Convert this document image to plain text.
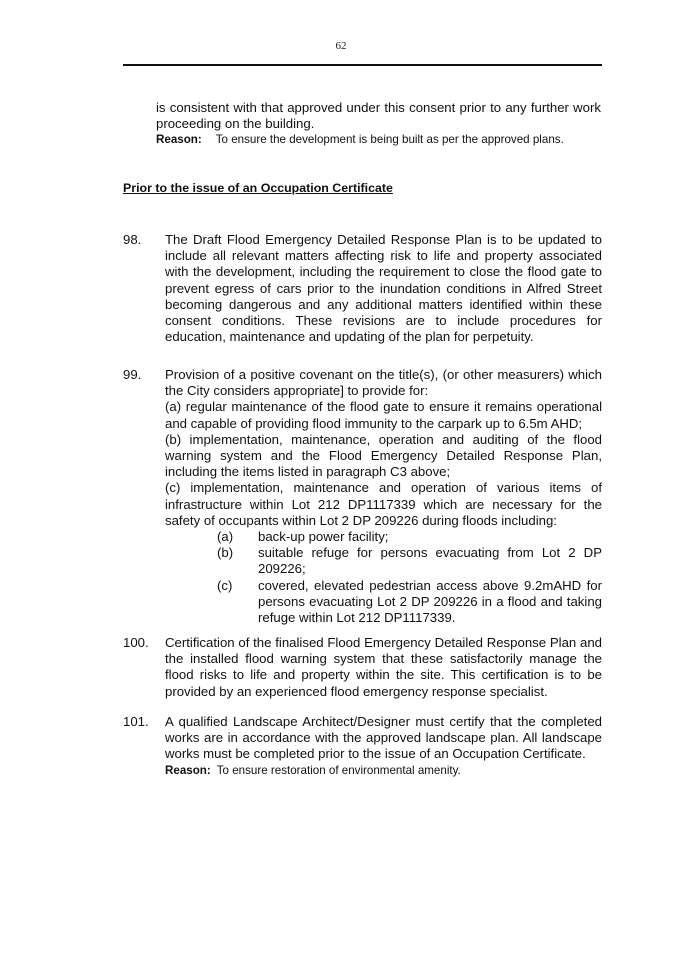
62
is consistent with that approved under this consent prior to any further work proceeding on the building.
Reason: To ensure the development is being built as per the approved plans.
Prior to the issue of an Occupation Certificate
98. The Draft Flood Emergency Detailed Response Plan is to be updated to include all relevant matters affecting risk to life and property associated with the development, including the requirement to close the flood gate to prevent egress of cars prior to the inundation conditions in Alfred Street becoming dangerous and any additional matters identified within these consent conditions. These revisions are to include procedures for education, maintenance and updating of the plan for perpetuity.
99. Provision of a positive covenant on the title(s), (or other measurers) which the City considers appropriate] to provide for:
(a) regular maintenance of the flood gate to ensure it remains operational and capable of providing flood immunity to the carpark up to 6.5m AHD;
(b) implementation, maintenance, operation and auditing of the flood warning system and the Flood Emergency Detailed Response Plan, including the items listed in paragraph C3 above;
(c) implementation, maintenance and operation of various items of infrastructure within Lot 212 DP1117339 which are necessary for the safety of occupants within Lot 2 DP 209226 during floods including:
(a) back-up power facility;
(b) suitable refuge for persons evacuating from Lot 2 DP 209226;
(c) covered, elevated pedestrian access above 9.2mAHD for persons evacuating Lot 2 DP 209226 in a flood and taking refuge within Lot 212 DP1117339.
100. Certification of the finalised Flood Emergency Detailed Response Plan and the installed flood warning system that these satisfactorily manage the flood risks to life and property within the site. This certification is to be provided by an experienced flood emergency response specialist.
101. A qualified Landscape Architect/Designer must certify that the completed works are in accordance with the approved landscape plan. All landscape works must be completed prior to the issue of an Occupation Certificate.
Reason: To ensure restoration of environmental amenity.
